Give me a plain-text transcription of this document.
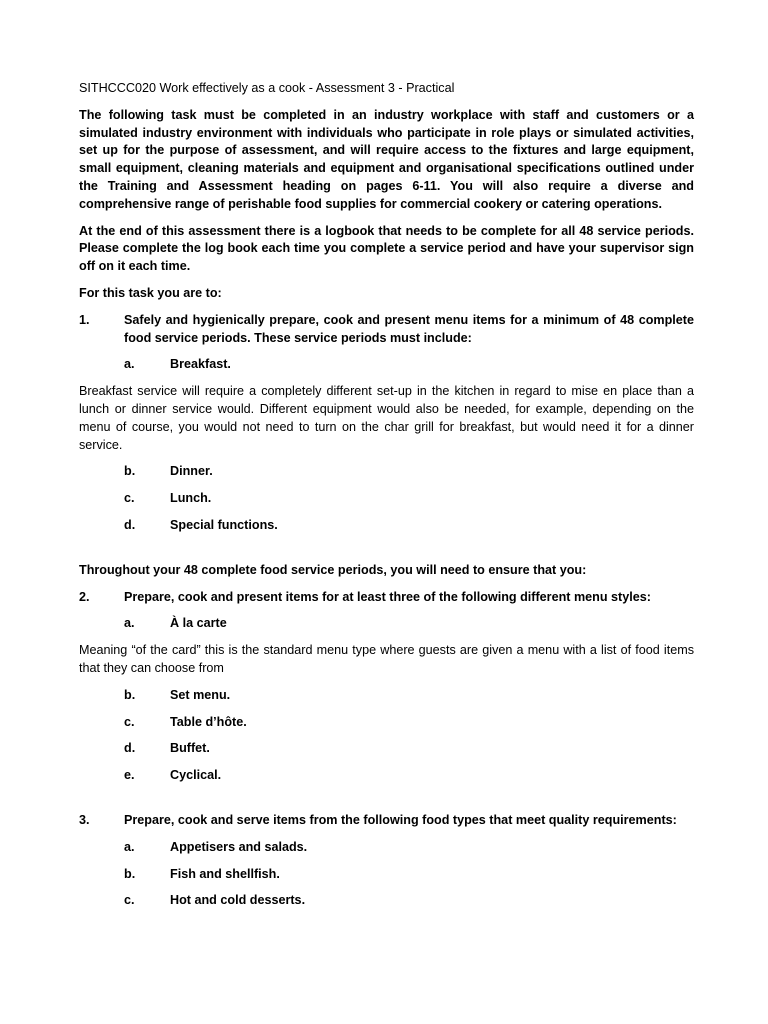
SITHCCC020 Work effectively as a cook - Assessment 3 - Practical

The following task must be completed in an industry workplace with staff and customers or a simulated industry environment with individuals who participate in role plays or simulated activities, set up for the purpose of assessment, and will require access to the fixtures and large equipment, small equipment, cleaning materials and equipment and organisational specifications outlined under the Training and Assessment heading on pages 6-11. You will also require a diverse and comprehensive range of perishable food supplies for commercial cookery or catering operations.

At the end of this assessment there is a logbook that needs to be complete for all 48 service periods. Please complete the log book each time you complete a service period and have your supervisor sign off on it each time.

For this task you are to:

1.	Safely and hygienically prepare, cook and present menu items for a minimum of 48 complete food service periods. These service periods must include:
a.	Breakfast.

Breakfast service will require a completely different set-up in the kitchen in regard to mise en place than a lunch or dinner service would. Different equipment would also be needed, for example, depending on the menu of course, you would not need to turn on the char grill for breakfast, but would need it for a dinner service.

b.	Dinner.
c.	Lunch.
d.	Special functions.

Throughout your 48 complete food service periods, you will need to ensure that you:

2.	Prepare, cook and present items for at least three of the following different menu styles:
a.	À la carte

Meaning “of the card” this is the standard menu type where guests are given a menu with a list of food items that they can choose from

b.	Set menu.
c.	Table d’hôte.
d.	Buffet.
e.	Cyclical.
3.	Prepare, cook and serve items from the following food types that meet quality requirements:
a.	Appetisers and salads.
b.	Fish and shellfish.
c.	Hot and cold desserts.
